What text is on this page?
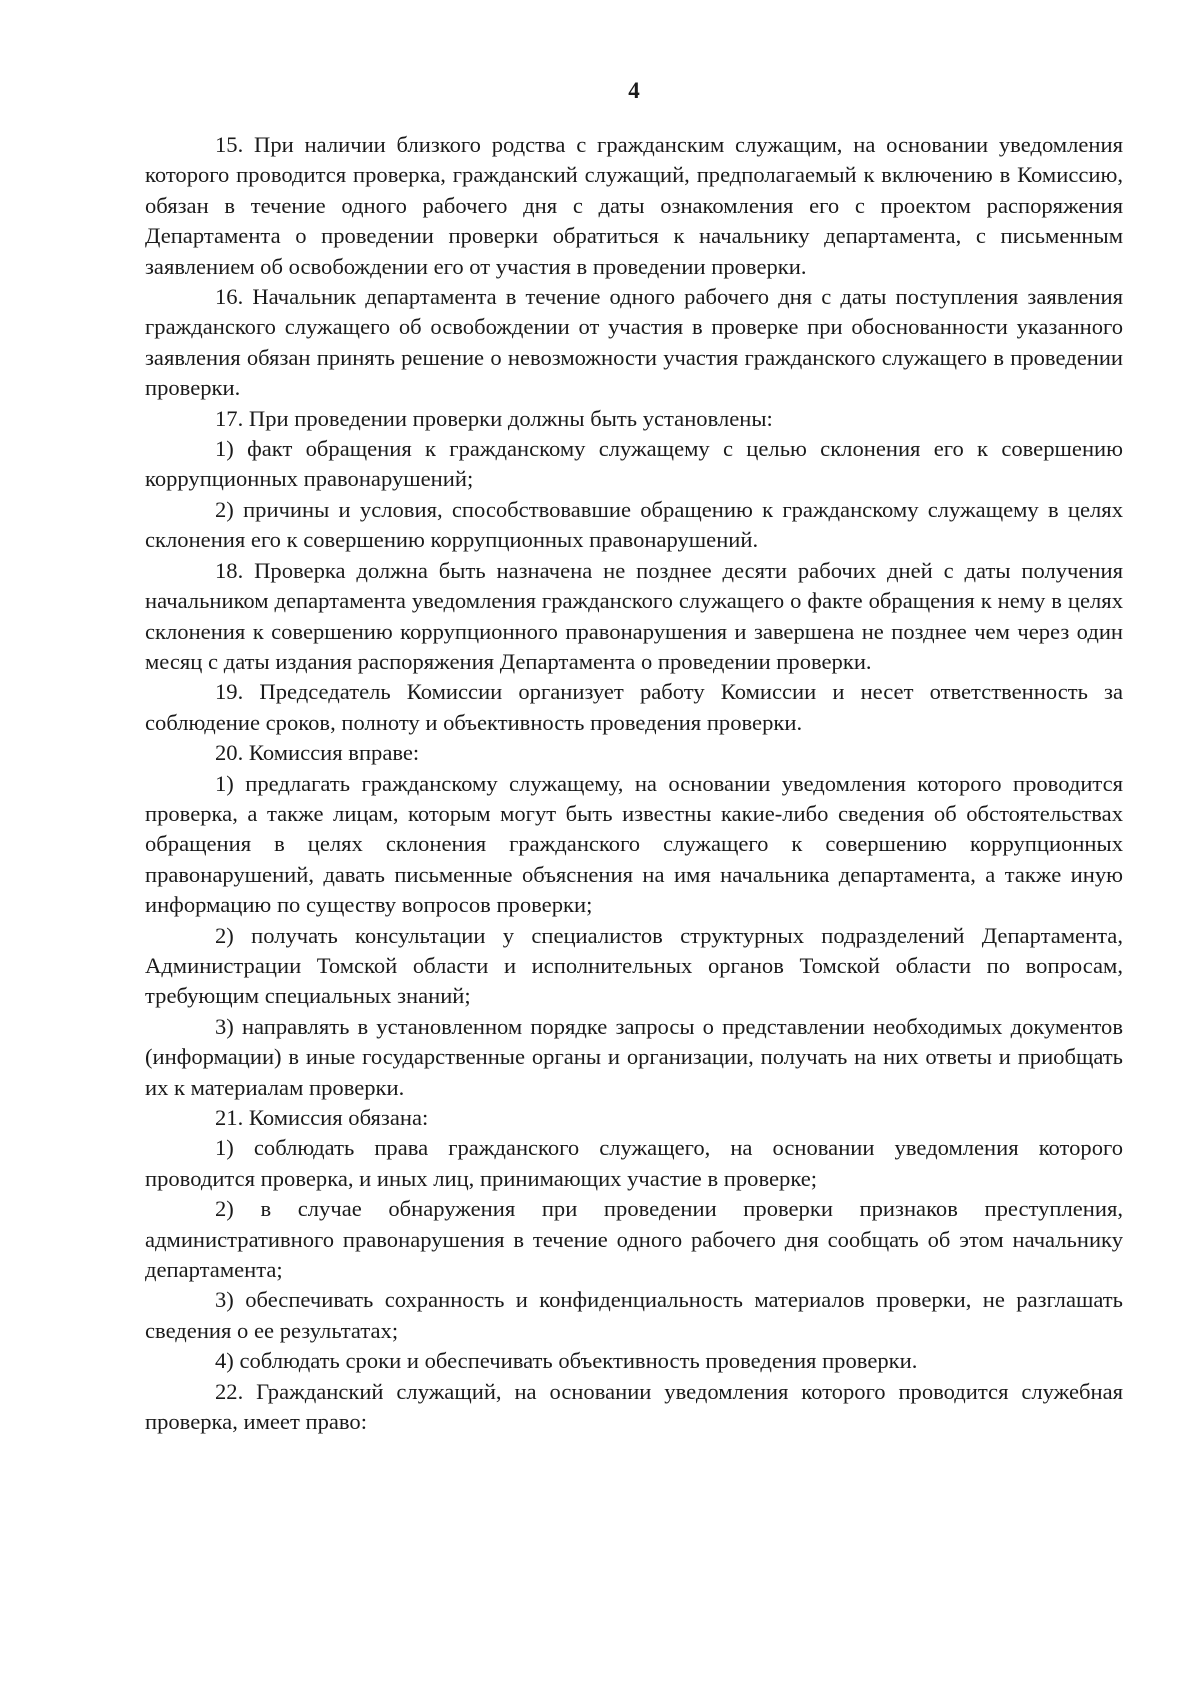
4

15. При наличии близкого родства с гражданским служащим, на основании уведомления которого проводится проверка, гражданский служащий, предполагаемый к включению в Комиссию, обязан в течение одного рабочего дня с даты ознакомления его с проектом распоряжения Департамента о проведении проверки обратиться к начальнику департамента, с письменным заявлением об освобождении его от участия в проведении проверки.

16. Начальник департамента в течение одного рабочего дня с даты поступления заявления гражданского служащего об освобождении от участия в проверке при обоснованности указанного заявления обязан принять решение о невозможности участия гражданского служащего в проведении проверки.

17. При проведении проверки должны быть установлены:

1) факт обращения к гражданскому служащему с целью склонения его к совершению коррупционных правонарушений;

2) причины и условия, способствовавшие обращению к гражданскому служащему в целях склонения его к совершению коррупционных правонарушений.

18. Проверка должна быть назначена не позднее десяти рабочих дней с даты получения начальником департамента уведомления гражданского служащего о факте обращения к нему в целях склонения к совершению коррупционного правонарушения и завершена не позднее чем через один месяц с даты издания распоряжения Департамента о проведении проверки.

19. Председатель Комиссии организует работу Комиссии и несет ответственность за соблюдение сроков, полноту и объективность проведения проверки.

20. Комиссия вправе:

1) предлагать гражданскому служащему, на основании уведомления которого проводится проверка, а также лицам, которым могут быть известны какие-либо сведения об обстоятельствах обращения в целях склонения гражданского служащего к совершению коррупционных правонарушений, давать письменные объяснения на имя начальника департамента, а также иную информацию по существу вопросов проверки;

2) получать консультации у специалистов структурных подразделений Департамента, Администрации Томской области и исполнительных органов Томской области по вопросам, требующим специальных знаний;

3) направлять в установленном порядке запросы о представлении необходимых документов (информации) в иные государственные органы и организации, получать на них ответы и приобщать их к материалам проверки.

21. Комиссия обязана:

1) соблюдать права гражданского служащего, на основании уведомления которого проводится проверка, и иных лиц, принимающих участие в проверке;

2) в случае обнаружения при проведении проверки признаков преступления, административного правонарушения в течение одного рабочего дня сообщать об этом начальнику департамента;

3) обеспечивать сохранность и конфиденциальность материалов проверки, не разглашать сведения о ее результатах;

4) соблюдать сроки и обеспечивать объективность проведения проверки.

22. Гражданский служащий, на основании уведомления которого проводится служебная проверка, имеет право:
